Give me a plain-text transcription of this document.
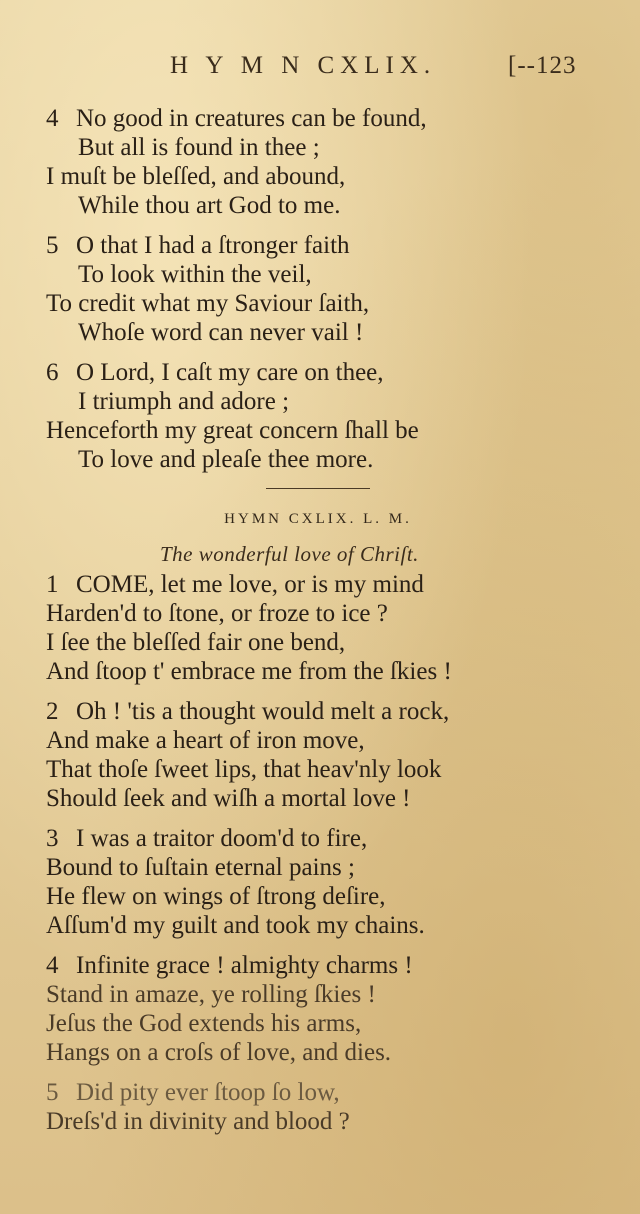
H Y M N CXLIX.	[--123
4 No good in creatures can be found,
But all is found in thee ;
I muſt be bleſſed, and abound,
While thou art God to me.
5 O that I had a ſtronger faith
To look within the veil,
To credit what my Saviour ſaith,
Whoſe word can never vail !
6 O Lord, I caſt my care on thee,
I triumph and adore ;
Henceforth my great concern ſhall be
To love and pleaſe thee more.
HYMN CXLIX. L. M.
The wonderful love of Chriſt.
1 COME, let me love, or is my mind
Harden'd to ſtone, or froze to ice ?
I ſee the bleſſed fair one bend,
And ſtoop t' embrace me from the ſkies !
2 Oh ! 'tis a thought would melt a rock,
And make a heart of iron move,
That thoſe ſweet lips, that heav'nly look
Should ſeek and wiſh a mortal love !
3 I was a traitor doom'd to fire,
Bound to ſuſtain eternal pains ;
He flew on wings of ſtrong deſire,
Aſſum'd my guilt and took my chains.
4 Infinite grace ! almighty charms !
Stand in amaze, ye rolling ſkies !
Jeſus the God extends his arms,
Hangs on a croſs of love, and dies.
5 Did pity ever ſtoop ſo low,
Dreſs'd in divinity and blood ?
